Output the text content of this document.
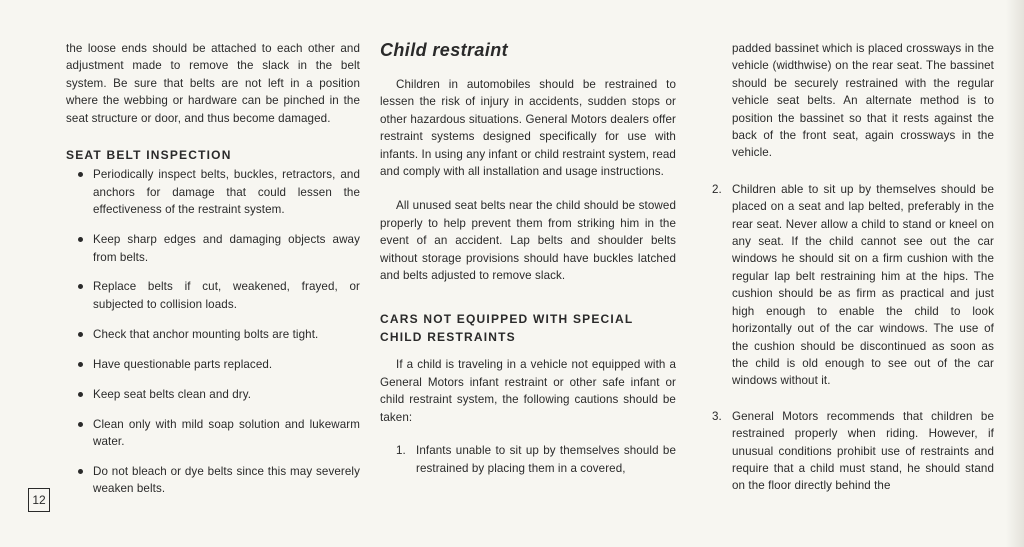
the loose ends should be attached to each other and adjustment made to remove the slack in the belt system. Be sure that belts are not left in a position where the webbing or hardware can be pinched in the seat structure or door, and thus become damaged.

SEAT BELT INSPECTION

Periodically inspect belts, buckles, retractors, and anchors for damage that could lessen the effectiveness of the restraint system.
Keep sharp edges and damaging objects away from belts.
Replace belts if cut, weakened, frayed, or subjected to collision loads.
Check that anchor mounting bolts are tight.
Have questionable parts replaced.
Keep seat belts clean and dry.
Clean only with mild soap solution and lukewarm water.
Do not bleach or dye belts since this may severely weaken belts.

Child restraint

Children in automobiles should be restrained to lessen the risk of injury in accidents, sudden stops or other hazardous situations. General Motors dealers offer restraint systems designed specifically for use with infants. In using any infant or child restraint system, read and comply with all installation and usage instructions.

All unused seat belts near the child should be stowed properly to help prevent them from striking him in the event of an accident. Lap belts and shoulder belts without storage provisions should have buckles latched and belts adjusted to remove slack.

CARS NOT EQUIPPED WITH SPECIAL CHILD RESTRAINTS

If a child is traveling in a vehicle not equipped with a General Motors infant restraint or other safe infant or child restraint system, the following cautions should be taken:

1. Infants unable to sit up by themselves should be restrained by placing them in a covered,

padded bassinet which is placed crossways in the vehicle (widthwise) on the rear seat. The bassinet should be securely restrained with the regular vehicle seat belts. An alternate method is to position the bassinet so that it rests against the back of the front seat, again crossways in the vehicle.

2. Children able to sit up by themselves should be placed on a seat and lap belted, preferably in the rear seat. Never allow a child to stand or kneel on any seat. If the child cannot see out the car windows he should sit on a firm cushion with the regular lap belt restraining him at the hips. The cushion should be as firm as practical and just high enough to enable the child to look horizontally out of the car windows. The use of the cushion should be discontinued as soon as the child is old enough to see out of the car windows without it.
3. General Motors recommends that children be restrained properly when riding. However, if unusual conditions prohibit use of restraints and require that a child must stand, he should stand on the floor directly behind the
12
